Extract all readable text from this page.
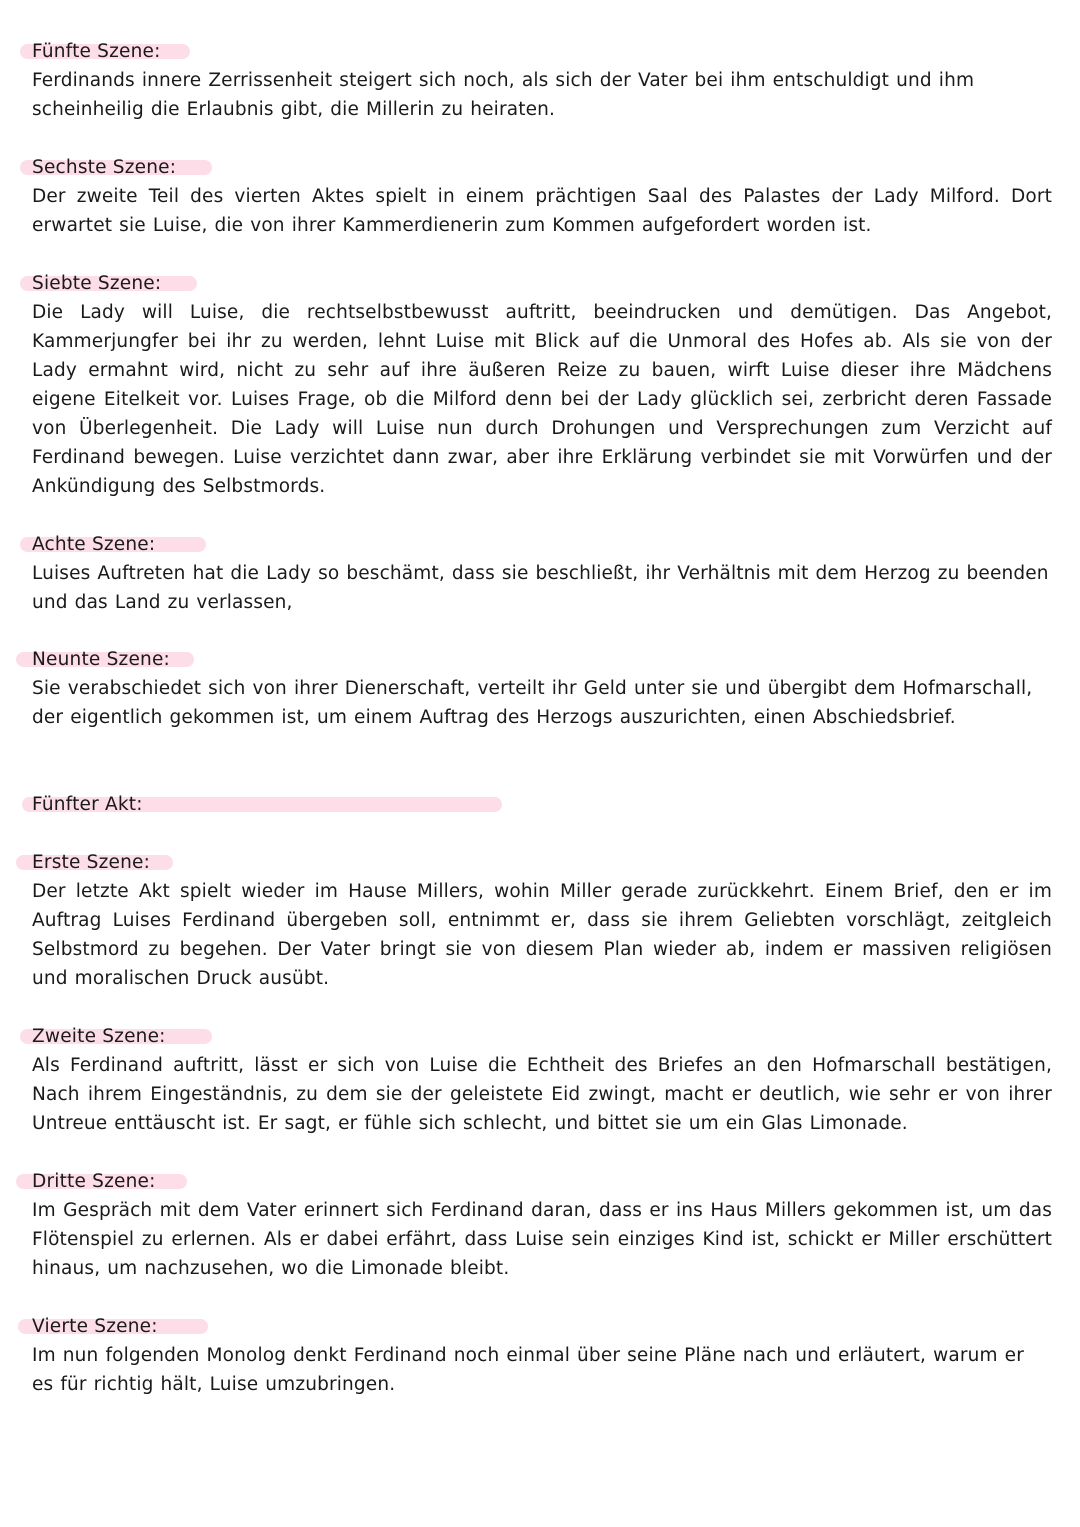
Fünfte Szene:

Ferdinands innere Zerrissenheit steigert sich noch, als sich der Vater bei ihm entschuldigt und ihm scheinheilig die Erlaubnis gibt, die Millerin zu heiraten.

Sechste Szene:

Der zweite Teil des vierten Aktes spielt in einem prächtigen Saal des Palastes der Lady Milford. Dort erwartet sie Luise, die von ihrer Kammerdienerin zum Kommen aufgefordert worden ist.

Siebte Szene:

Die Lady will Luise, die rechtselbstbewusst auftritt, beeindrucken und demütigen. Das Angebot, Kammerjungfer bei ihr zu werden, lehnt Luise mit Blick auf die Unmoral des Hofes ab. Als sie von der Lady ermahnt wird, nicht zu sehr auf ihre äußeren Reize zu bauen, wirft Luise dieser ihre Mädchens eigene Eitelkeit vor. Luises Frage, ob die Milford denn bei der Lady glücklich sei, zerbricht deren Fassade von Überlegenheit. Die Lady will Luise nun durch Drohungen und Versprechungen zum Verzicht auf Ferdinand bewegen. Luise verzichtet dann zwar, aber ihre Erklärung verbindet sie mit Vorwürfen und der Ankündigung des Selbstmords.

Achte Szene:

Luises Auftreten hat die Lady so beschämt, dass sie beschließt, ihr Verhältnis mit dem Herzog zu beenden und das Land zu verlassen,

Neunte Szene:

Sie verabschiedet sich von ihrer Dienerschaft, verteilt ihr Geld unter sie und übergibt dem Hofmarschall, der eigentlich gekommen ist, um einem Auftrag des Herzogs auszurichten, einen Abschiedsbrief.

Fünfter Akt:
Erste Szene:

Der letzte Akt spielt wieder im Hause Millers, wohin Miller gerade zurückkehrt. Einem Brief, den er im Auftrag Luises Ferdinand übergeben soll, entnimmt er, dass sie ihrem Geliebten vorschlägt, zeitgleich Selbstmord zu begehen. Der Vater bringt sie von diesem Plan wieder ab, indem er massiven religiösen und moralischen Druck ausübt.

Zweite Szene:

Als Ferdinand auftritt, lässt er sich von Luise die Echtheit des Briefes an den Hofmarschall bestätigen, Nach ihrem Eingeständnis, zu dem sie der geleistete Eid zwingt, macht er deutlich, wie sehr er von ihrer Untreue enttäuscht ist. Er sagt, er fühle sich schlecht, und bittet sie um ein Glas Limonade.

Dritte Szene:

Im Gespräch mit dem Vater erinnert sich Ferdinand daran, dass er ins Haus Millers gekommen ist, um das Flötenspiel zu erlernen. Als er dabei erfährt, dass Luise sein einziges Kind ist, schickt er Miller erschüttert hinaus, um nachzusehen, wo die Limonade bleibt.

Vierte Szene:

Im nun folgenden Monolog denkt Ferdinand noch einmal über seine Pläne nach und erläutert, warum er es für richtig hält, Luise umzubringen.
